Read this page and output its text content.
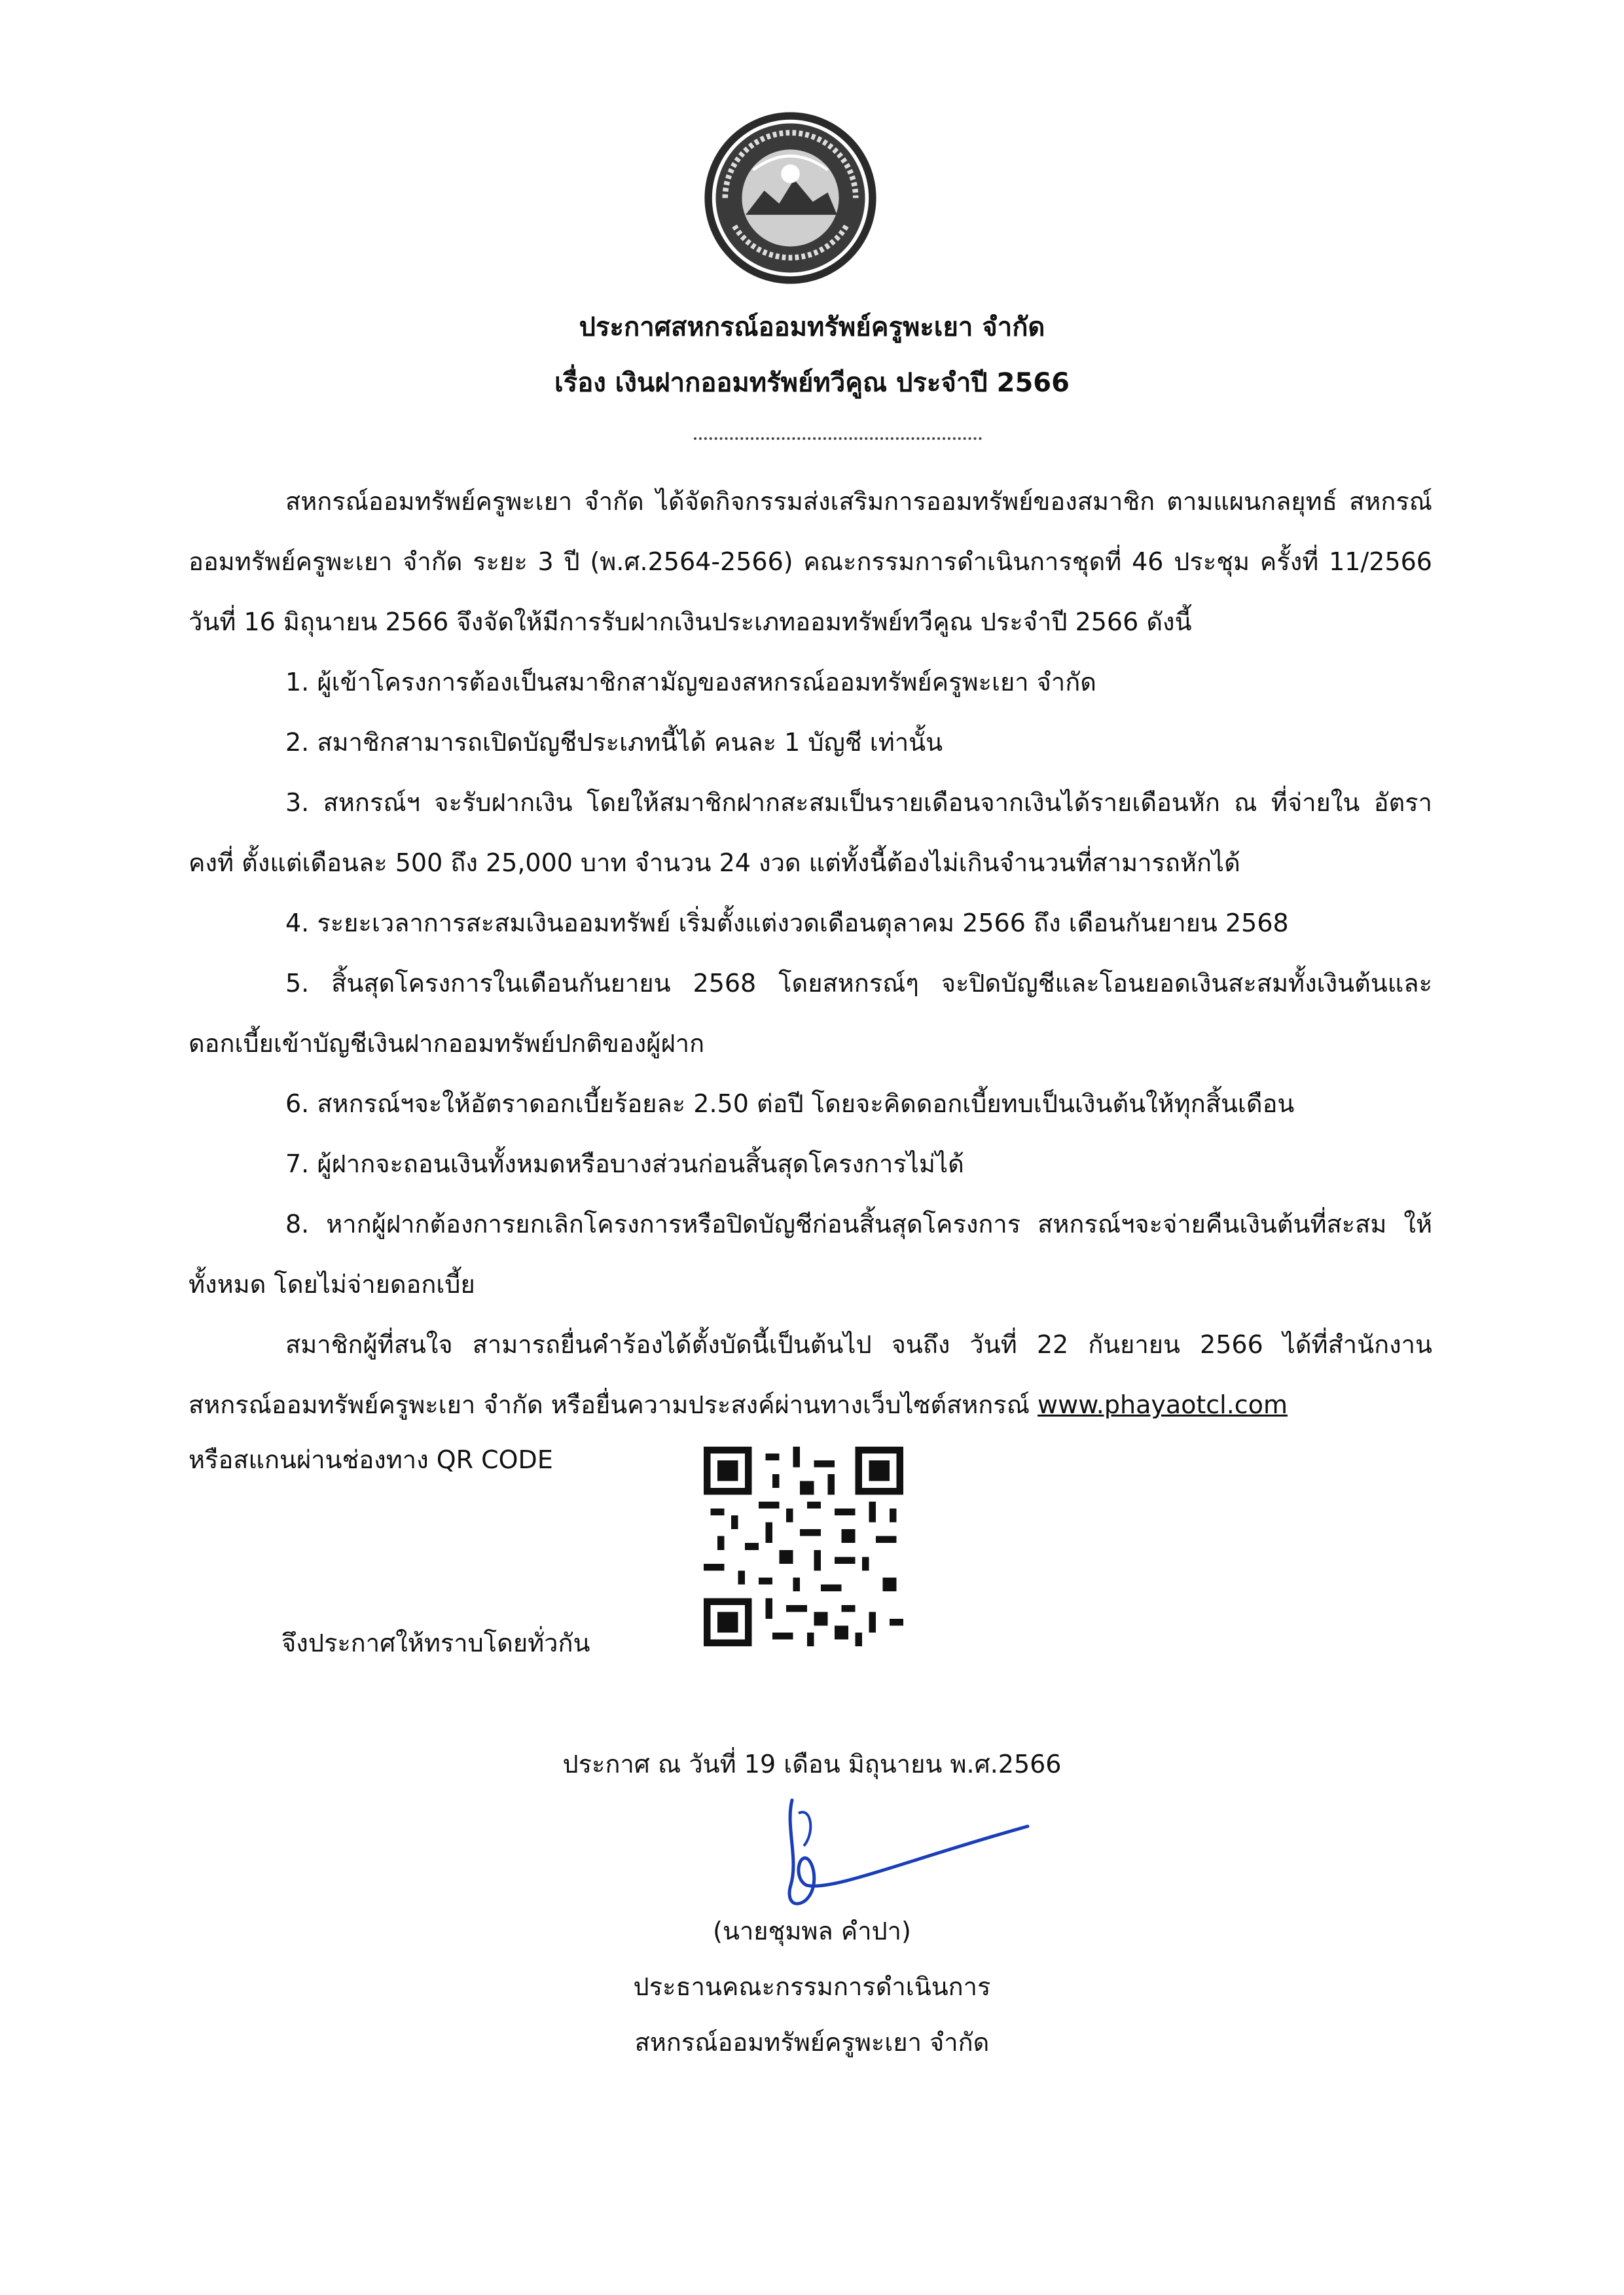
ประกาศสหกรณ์ออมทรัพย์ครูพะเยา จำกัด
เรื่อง เงินฝากออมทรัพย์ทวีคูณ ประจำปี 2566

สหกรณ์ออมทรัพย์ครูพะเยา จำกัด ได้จัดกิจกรรมส่งเสริมการออมทรัพย์ของสมาชิก ตามแผนกลยุทธ์ สหกรณ์ออมทรัพย์ครูพะเยา จำกัด ระยะ 3 ปี (พ.ศ.2564-2566) คณะกรรมการดำเนินการชุดที่ 46 ประชุม ครั้งที่ 11/2566 วันที่ 16 มิถุนายน 2566 จึงจัดให้มีการรับฝากเงินประเภทออมทรัพย์ทวีคูณ ประจำปี 2566 ดังนี้

1. ผู้เข้าโครงการต้องเป็นสมาชิกสามัญของสหกรณ์ออมทรัพย์ครูพะเยา จำกัด

2. สมาชิกสามารถเปิดบัญชีประเภทนี้ได้ คนละ 1 บัญชี เท่านั้น

3. สหกรณ์ฯ จะรับฝากเงิน โดยให้สมาชิกฝากสะสมเป็นรายเดือนจากเงินได้รายเดือนหัก ณ ที่จ่ายใน อัตราคงที่ ตั้งแต่เดือนละ 500 ถึง 25,000 บาท จำนวน 24 งวด แต่ทั้งนี้ต้องไม่เกินจำนวนที่สามารถหักได้

4. ระยะเวลาการสะสมเงินออมทรัพย์ เริ่มตั้งแต่งวดเดือนตุลาคม 2566 ถึง เดือนกันยายน 2568

5. สิ้นสุดโครงการในเดือนกันยายน 2568 โดยสหกรณ์ๆ จะปิดบัญชีและโอนยอดเงินสะสมทั้งเงินต้นและ ดอกเบี้ยเข้าบัญชีเงินฝากออมทรัพย์ปกติของผู้ฝาก

6. สหกรณ์ฯจะให้อัตราดอกเบี้ยร้อยละ 2.50 ต่อปี โดยจะคิดดอกเบี้ยทบเป็นเงินต้นให้ทุกสิ้นเดือน

7. ผู้ฝากจะถอนเงินทั้งหมดหรือบางส่วนก่อนสิ้นสุดโครงการไม่ได้

8. หากผู้ฝากต้องการยกเลิกโครงการหรือปิดบัญชีก่อนสิ้นสุดโครงการ สหกรณ์ฯจะจ่ายคืนเงินต้นที่สะสม ให้ทั้งหมด โดยไม่จ่ายดอกเบี้ย

สมาชิกผู้ที่สนใจ สามารถยื่นคำร้องได้ตั้งบัดนี้เป็นต้นไป จนถึง วันที่ 22 กันยายน 2566 ได้ที่สำนักงาน สหกรณ์ออมทรัพย์ครูพะเยา จำกัด หรือยื่นความประสงค์ผ่านทางเว็บไซต์สหกรณ์ www.phayaotcl.com

หรือสแกนผ่านช่องทาง QR CODE
จึงประกาศให้ทราบโดยทั่วกัน
ประกาศ ณ วันที่ 19 เดือน มิถุนายน พ.ศ.2566
(นายชุมพล คำปา)
ประธานคณะกรรมการดำเนินการ
สหกรณ์ออมทรัพย์ครูพะเยา จำกัด
